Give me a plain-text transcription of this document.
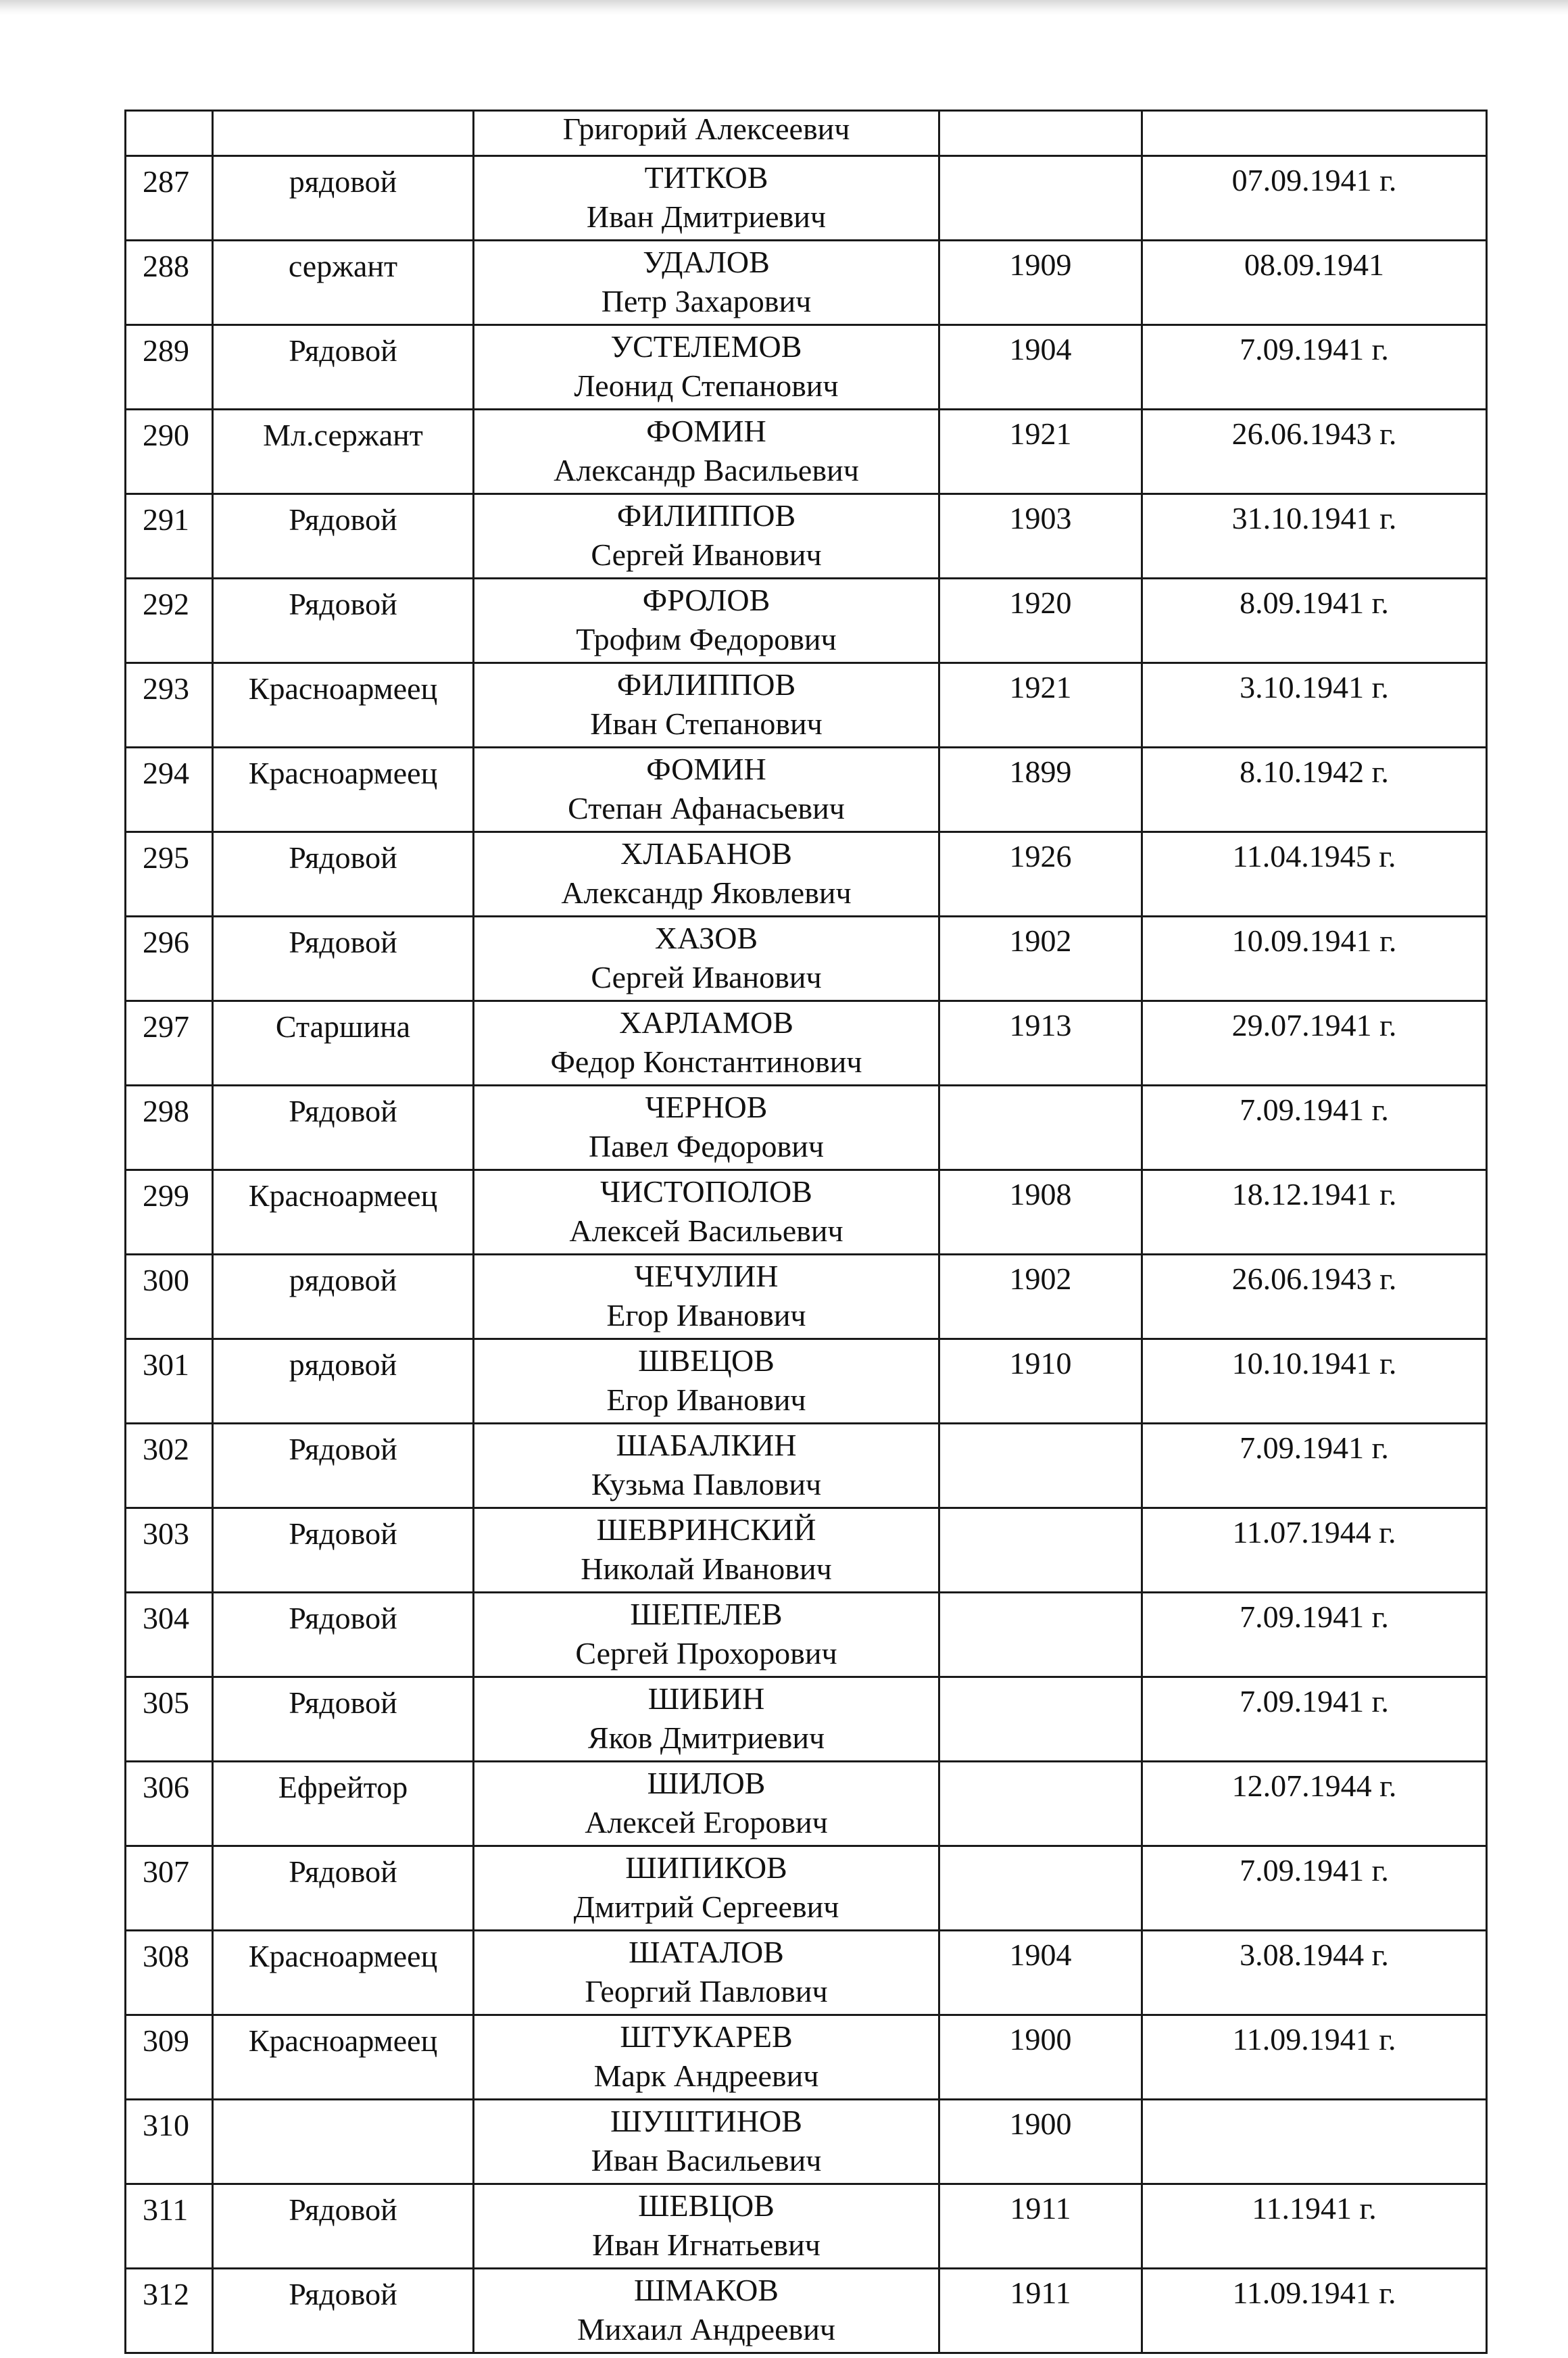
		Григорий Алексеевич		

287	рядовой	ТИТКОВ
Иван Дмитриевич		07.09.1941 г.
288	сержант	УДАЛОВ
Петр Захарович	1909	08.09.1941
289	Рядовой	УСТЕЛЕМОВ
Леонид Степанович	1904	7.09.1941 г.
290	Мл.сержант	ФОМИН
Александр Васильевич	1921	26.06.1943 г.
291	Рядовой	ФИЛИППОВ
Сергей Иванович	1903	31.10.1941 г.
292	Рядовой	ФРОЛОВ
Трофим Федорович	1920	8.09.1941 г.
293	Красноармеец	ФИЛИППОВ
Иван Степанович	1921	3.10.1941 г.
294	Красноармеец	ФОМИН
Степан Афанасьевич	1899	8.10.1942 г.
295	Рядовой	ХЛАБАНОВ
Александр Яковлевич	1926	11.04.1945 г.
296	Рядовой	ХАЗОВ
Сергей Иванович	1902	10.09.1941 г.
297	Старшина	ХАРЛАМОВ
Федор Константинович	1913	29.07.1941 г.
298	Рядовой	ЧЕРНОВ
Павел Федорович		7.09.1941 г.
299	Красноармеец	ЧИСТОПОЛОВ
Алексей Васильевич	1908	18.12.1941 г.
300	рядовой	ЧЕЧУЛИН
Егор Иванович	1902	26.06.1943 г.
301	рядовой	ШВЕЦОВ
Егор Иванович	1910	10.10.1941 г.
302	Рядовой	ШАБАЛКИН
Кузьма Павлович		7.09.1941 г.
303	Рядовой	ШЕВРИНСКИЙ
Николай Иванович		11.07.1944 г.
304	Рядовой	ШЕПЕЛЕВ
Сергей Прохорович		7.09.1941 г.
305	Рядовой	ШИБИН
Яков Дмитриевич		7.09.1941 г.
306	Ефрейтор	ШИЛОВ
Алексей Егорович		12.07.1944 г.
307	Рядовой	ШИПИКОВ
Дмитрий Сергеевич		7.09.1941 г.
308	Красноармеец	ШАТАЛОВ
Георгий Павлович	1904	3.08.1944 г.
309	Красноармеец	ШТУКАРЕВ
Марк Андреевич	1900	11.09.1941 г.
310		ШУШТИНОВ
Иван Васильевич	1900	
311	Рядовой	ШЕВЦОВ
Иван Игнатьевич	1911	11.1941 г.
312	Рядовой	ШМАКОВ
Михаил Андреевич	1911	11.09.1941 г.
